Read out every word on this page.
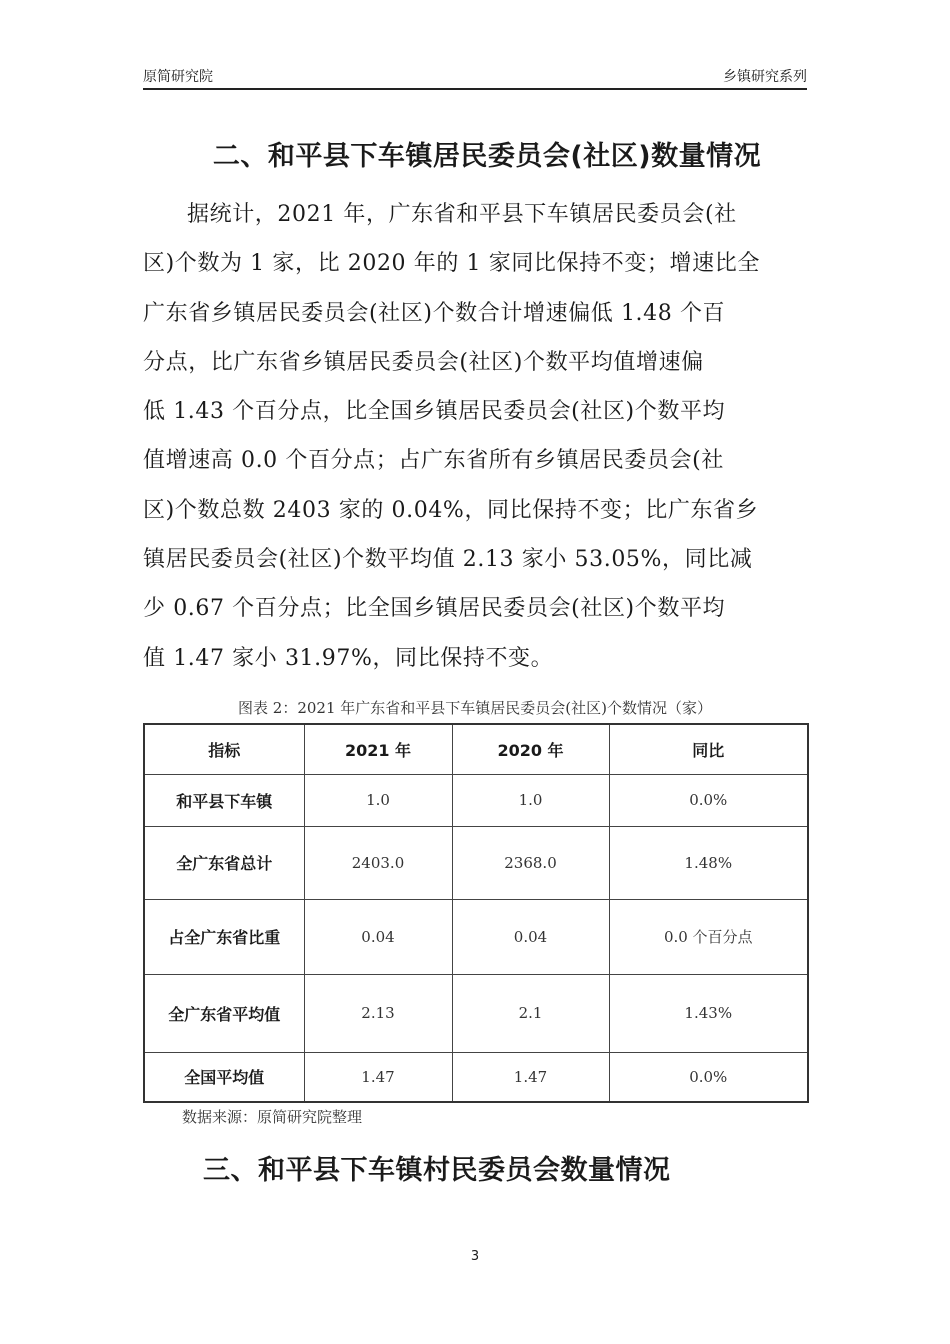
原简研究院	乡镇研究系列
二、和平县下车镇居民委员会(社区)数量情况
据统计，2021 年，广东省和平县下车镇居民委员会(社
区)个数为 1 家，比 2020 年的 1 家同比保持不变；增速比全
广东省乡镇居民委员会(社区)个数合计增速偏低 1.48 个百
分点，比广东省乡镇居民委员会(社区)个数平均值增速偏
低 1.43 个百分点，比全国乡镇居民委员会(社区)个数平均
值增速高 0.0 个百分点；占广东省所有乡镇居民委员会(社
区)个数总数 2403 家的 0.04%，同比保持不变；比广东省乡
镇居民委员会(社区)个数平均值 2.13 家小 53.05%，同比减
少 0.67 个百分点；比全国乡镇居民委员会(社区)个数平均
值 1.47 家小 31.97%，同比保持不变。
图表 2：2021 年广东省和平县下车镇居民委员会(社区)个数情况（家）
指标	2021 年	2020 年	同比
和平县下车镇	1.0	1.0	0.0%
全广东省总计	2403.0	2368.0	1.48%
占全广东省比重	0.04	0.04	0.0 个百分点
全广东省平均值	2.13	2.1	1.43%
全国平均值	1.47	1.47	0.0%
数据来源：原简研究院整理
三、和平县下车镇村民委员会数量情况
3
